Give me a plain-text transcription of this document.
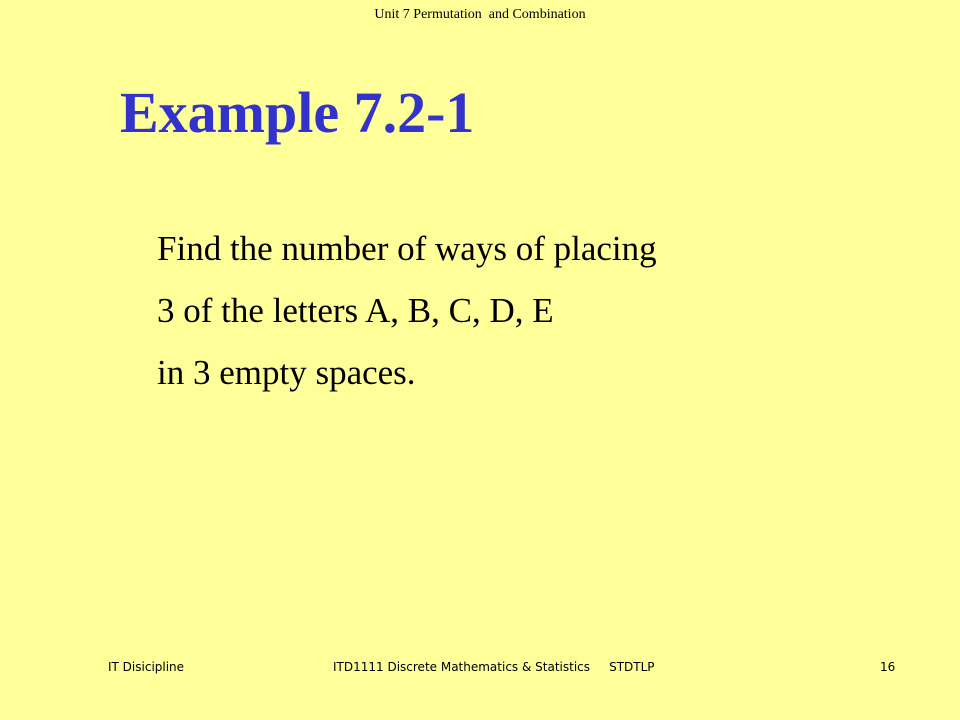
Unit 7 Permutation  and Combination
Example 7.2-1
Find the number of ways of placing
3 of the letters A, B, C, D, E
in 3 empty spaces.
IT Disicipline	ITD1111 Discrete Mathematics & Statistics     STDTLP	16
